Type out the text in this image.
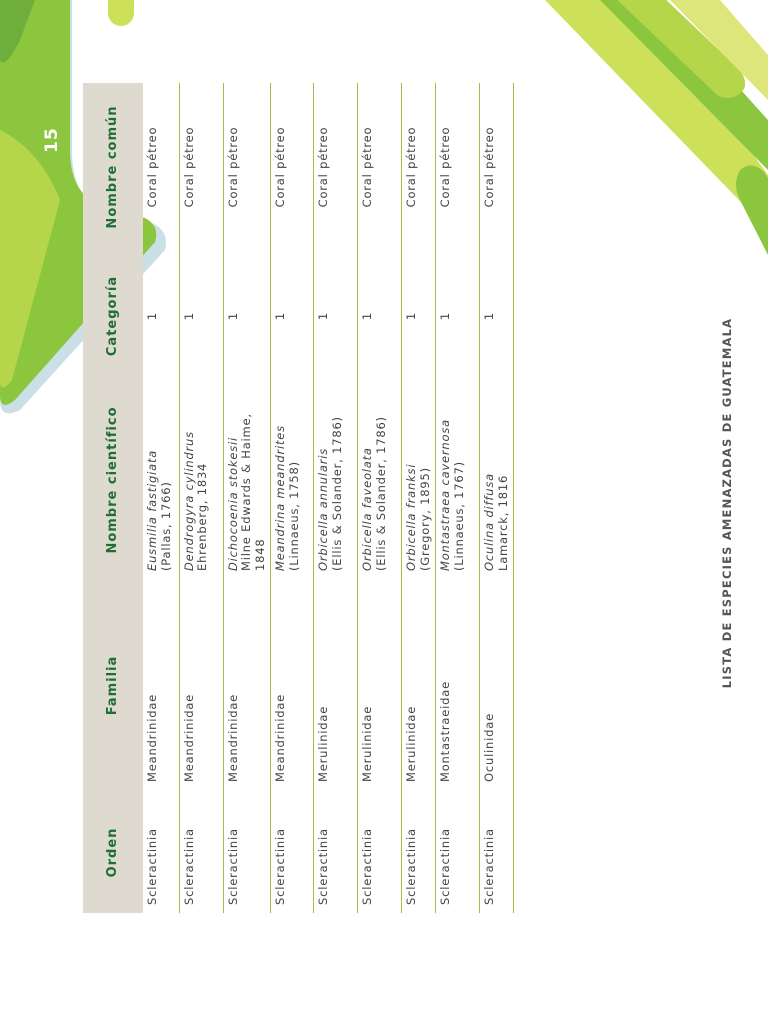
LISTA DE ESPECIES AMENAZADAS DE GUATEMALA
Orden	Familia	Nombre científico	Categoría	Nombre común
Scleractinia	Meandrinidae	Eusmilia fastigiata (Pallas, 1766)	1	Coral pétreo
Scleractinia	Meandrinidae	Dendrogyra cylindrus Ehrenberg, 1834	1	Coral pétreo
Scleractinia	Meandrinidae	Dichocoenia stokesii Milne Edwards & Haime, 1848	1	Coral pétreo
Scleractinia	Meandrinidae	Meandrina meandrites (Linnaeus, 1758)	1	Coral pétreo
Scleractinia	Merulinidae	Orbicella annularis (Ellis & Solander, 1786)	1	Coral pétreo
Scleractinia	Merulinidae	Orbicella faveolata (Ellis & Solander, 1786)	1	Coral pétreo
Scleractinia	Merulinidae	Orbicella franksi (Gregory, 1895)	1	Coral pétreo
Scleractinia	Montastraeidae	Montastraea cavernosa (Linnaeus, 1767)	1	Coral pétreo
Scleractinia	Oculinidae	Oculina diffusa Lamarck, 1816	1	Coral pétreo
